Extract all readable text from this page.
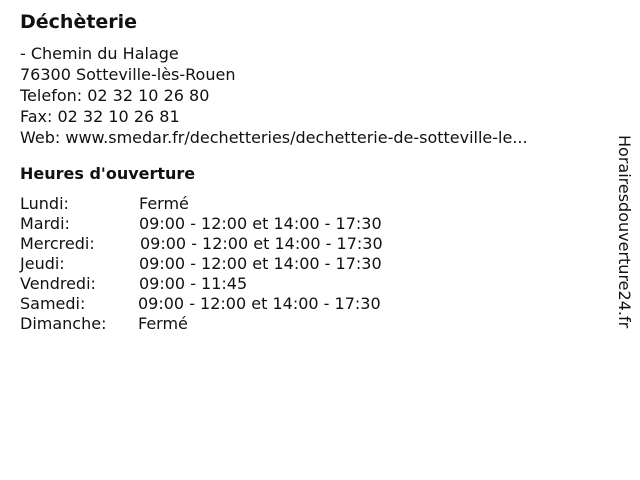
Déchèterie
- Chemin du Halage
76300 Sotteville-lès-Rouen
Telefon: 02 32 10 26 80
Fax: 02 32 10 26 81
Web: www.smedar.fr/dechetteries/dechetterie-de-sotteville-le...
Heures d'ouverture
Lundi:	Fermé
Mardi:	09:00 - 12:00 et 14:00 - 17:30
Mercredi:	09:00 - 12:00 et 14:00 - 17:30
Jeudi:	09:00 - 12:00 et 14:00 - 17:30
Vendredi:	09:00 - 11:45
Samedi:	09:00 - 12:00 et 14:00 - 17:30
Dimanche: Fermé	Horairesdouverture24.fr
